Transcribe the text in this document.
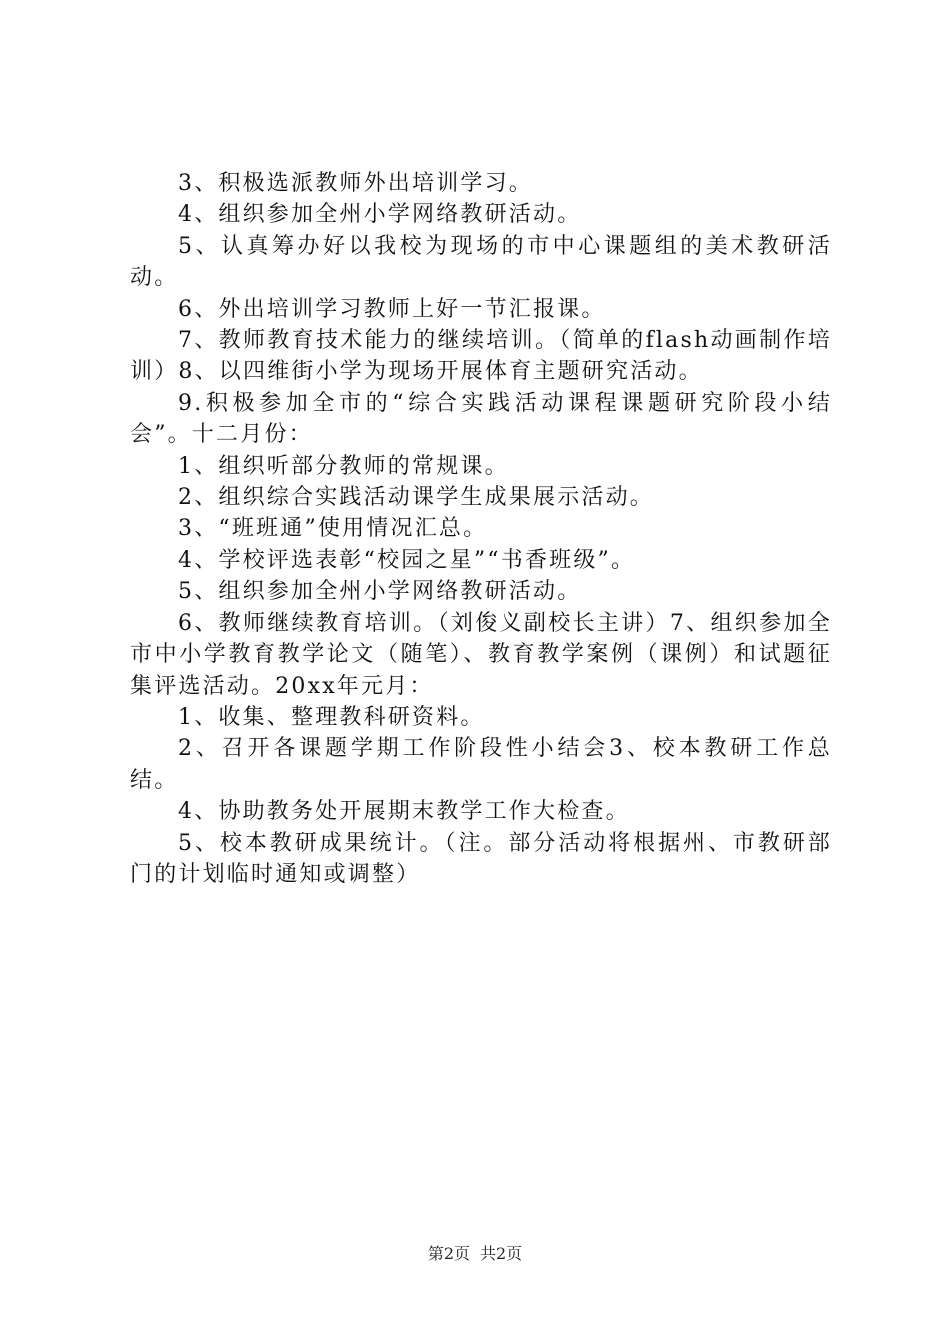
3、积极选派教师外出培训学习。

4、组织参加全州小学网络教研活动。

5、认真筹办好以我校为现场的市中心课题组的美术教研活动。

6、外出培训学习教师上好一节汇报课。

7、教师教育技术能力的继续培训。（简单的flash动画制作培训）8、以四维街小学为现场开展体育主题研究活动。

9.积极参加全市的“综合实践活动课程课题研究阶段小结会”。十二月份：

1、组织听部分教师的常规课。

2、组织综合实践活动课学生成果展示活动。

3、“班班通”使用情况汇总。

4、学校评选表彰“校园之星”“书香班级”。

5、组织参加全州小学网络教研活动。

6、教师继续教育培训。（刘俊义副校长主讲）7、组织参加全市中小学教育教学论文（随笔）、教育教学案例（课例）和试题征集评选活动。20xx年元月：

1、收集、整理教科研资料。

2、召开各课题学期工作阶段性小结会3、校本教研工作总结。

4、协助教务处开展期末教学工作大检查。

5、校本教研成果统计。（注。部分活动将根据州、市教研部门的计划临时通知或调整）

第2页 共2页
